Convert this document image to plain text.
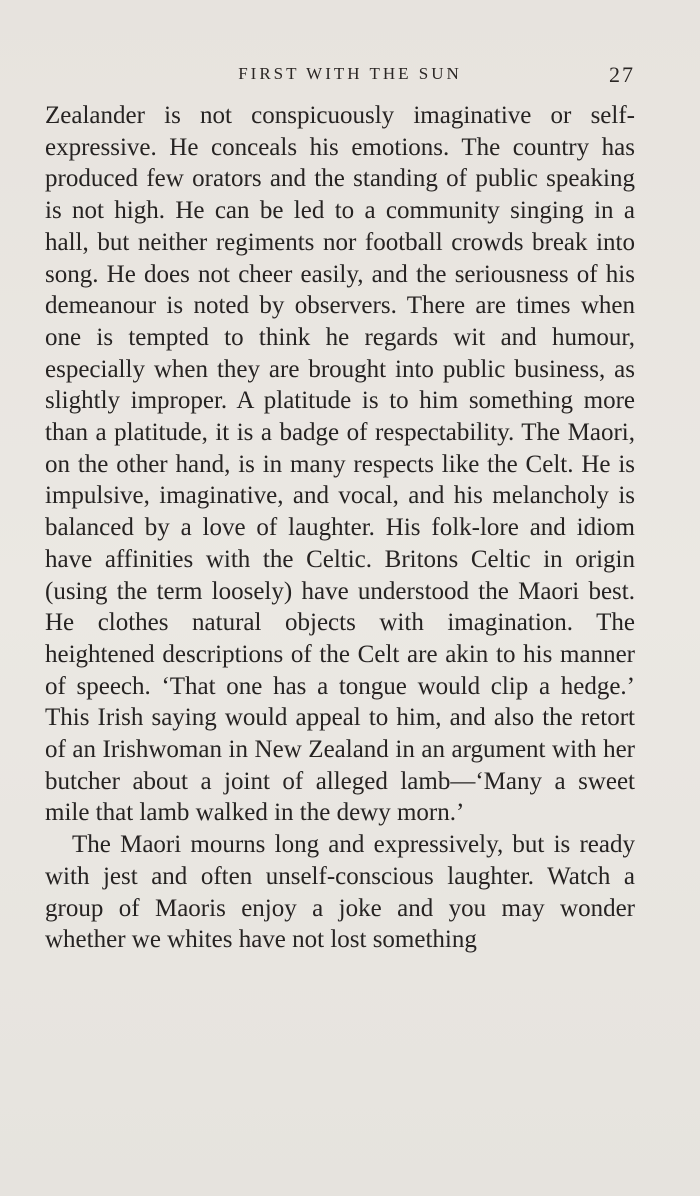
FIRST WITH THE SUN	27

Zealander is not conspicuously imaginative or self-expressive. He conceals his emotions. The country has produced few orators and the standing of public speaking is not high. He can be led to a community singing in a hall, but neither regiments nor football crowds break into song. He does not cheer easily, and the seriousness of his demeanour is noted by observers. There are times when one is tempted to think he regards wit and humour, especially when they are brought into public business, as slightly improper. A platitude is to him something more than a platitude, it is a badge of respectability. The Maori, on the other hand, is in many respects like the Celt. He is impulsive, imaginative, and vocal, and his melancholy is balanced by a love of laughter. His folk-lore and idiom have affinities with the Celtic. Britons Celtic in origin (using the term loosely) have understood the Maori best. He clothes natural objects with imagination. The heightened descriptions of the Celt are akin to his manner of speech. ‘That one has a tongue would clip a hedge.’ This Irish saying would appeal to him, and also the retort of an Irishwoman in New Zealand in an argument with her butcher about a joint of alleged lamb—‘Many a sweet mile that lamb walked in the dewy morn.’

The Maori mourns long and expressively, but is ready with jest and often unself-conscious laughter. Watch a group of Maoris enjoy a joke and you may wonder whether we whites have not lost something
